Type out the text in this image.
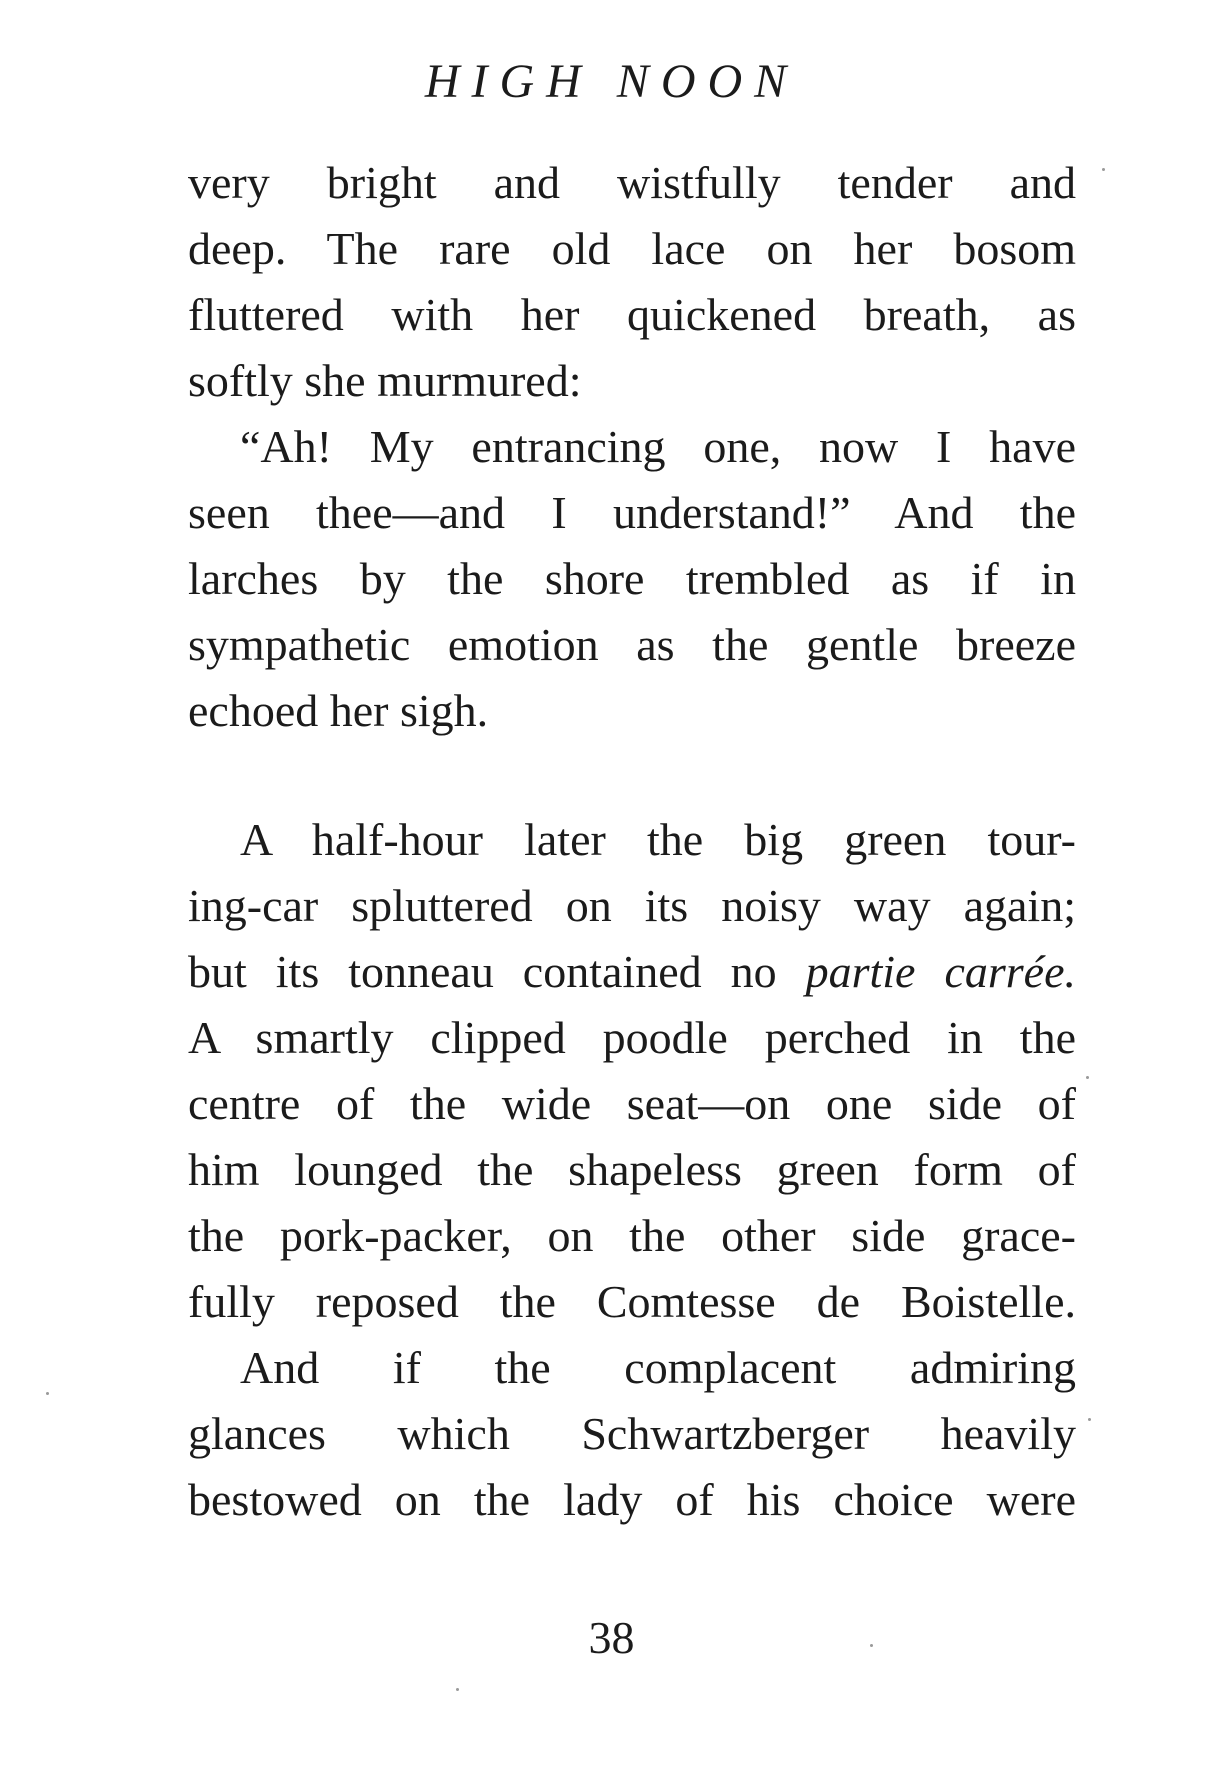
HIGH NOON
very bright and wistfully tender and
deep. The rare old lace on her bosom
fluttered with her quickened breath, as
softly she murmured:
“Ah! My entrancing one, now I have
seen thee—and I understand!” And the
larches by the shore trembled as if in
sympathetic emotion as the gentle breeze
echoed her sigh.
A half-hour later the big green tour-
ing-car spluttered on its noisy way again;
but its tonneau contained no partie carrée.
A smartly clipped poodle perched in the
centre of the wide seat—on one side of
him lounged the shapeless green form of
the pork-packer, on the other side grace-
fully reposed the Comtesse de Boistelle.
And if the complacent admiring
glances which Schwartzberger heavily
bestowed on the lady of his choice were
38
